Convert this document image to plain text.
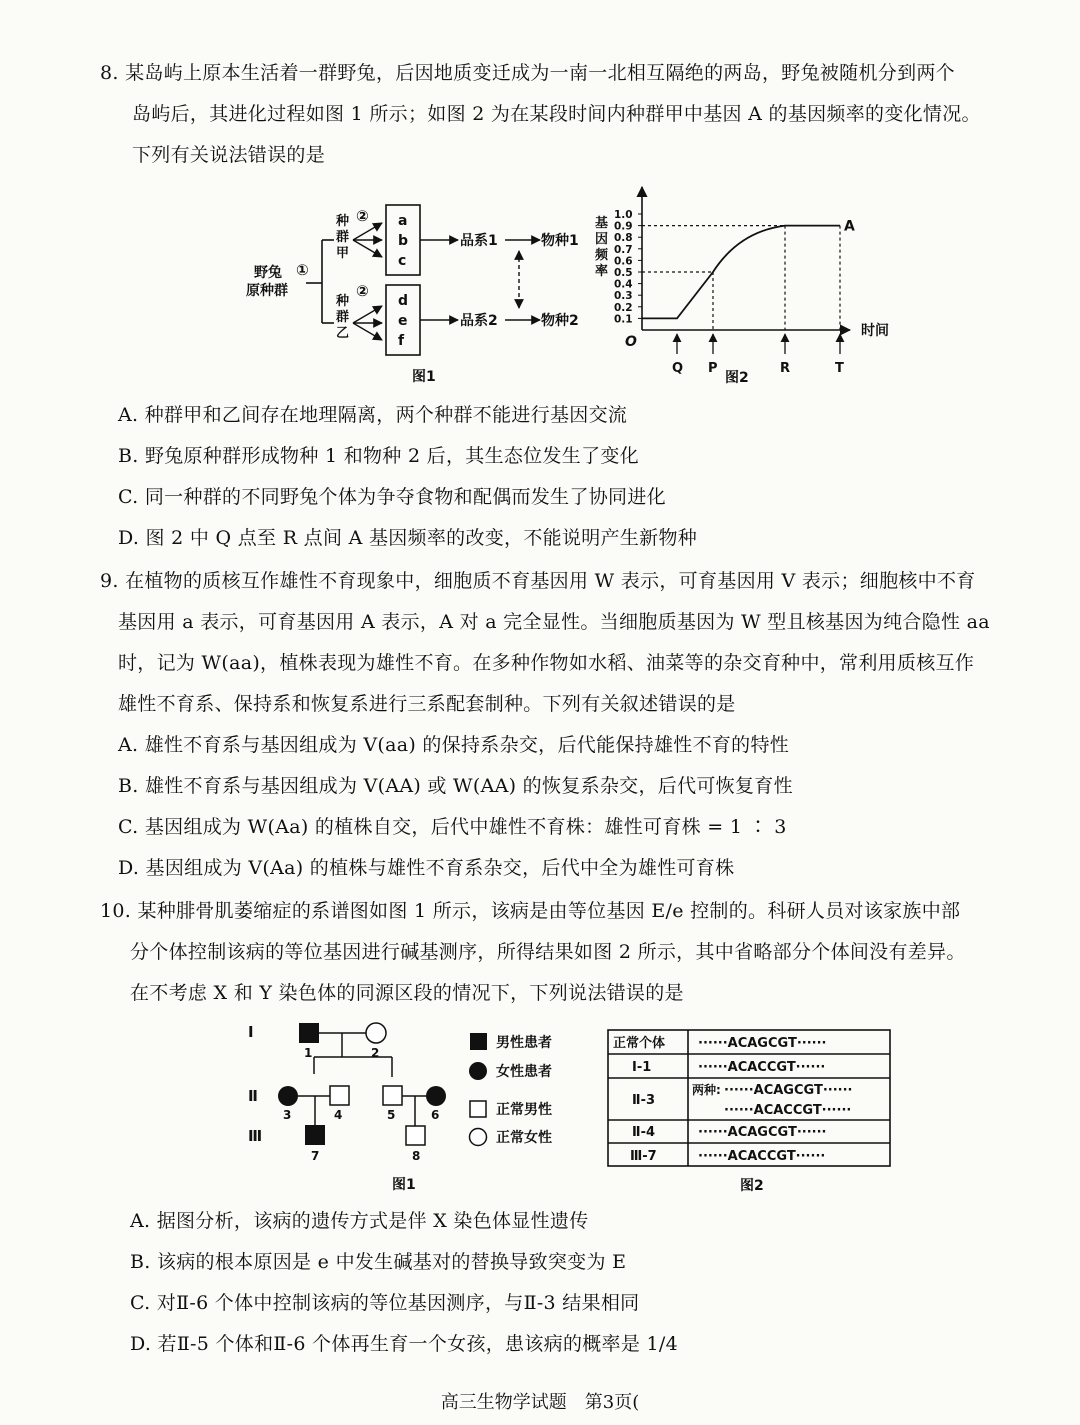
8. 某岛屿上原本生活着一群野兔，后因地质变迁成为一南一北相互隔绝的两岛，野兔被随机分到两个
岛屿后，其进化过程如图 1 所示；如图 2 为在某段时间内种群甲中基因 A 的基因频率的变化情况。
下列有关说法错误的是
野兔
原种群
①
种
群
甲
种
群
乙
②
②
a
b
c
d
e
f
品系1
品系2
物种1
物种2
图1
时间
O
基
因
频
率
1.0
0.9
0.8
0.7
0.6
0.5
0.4
0.3
0.2
0.1
Q P	R	T
A
图2
A. 种群甲和乙间存在地理隔离，两个种群不能进行基因交流
B. 野兔原种群形成物种 1 和物种 2 后，其生态位发生了变化
C. 同一种群的不同野兔个体为争夺食物和配偶而发生了协同进化
D. 图 2 中 Q 点至 R 点间 A 基因频率的改变，不能说明产生新物种
9. 在植物的质核互作雄性不育现象中，细胞质不育基因用 W 表示，可育基因用 V 表示；细胞核中不育
基因用 a 表示，可育基因用 A 表示，A 对 a 完全显性。当细胞质基因为 W 型且核基因为纯合隐性 aa
时，记为 W(aa)，植株表现为雄性不育。在多种作物如水稻、油菜等的杂交育种中，常利用质核互作
雄性不育系、保持系和恢复系进行三系配套制种。下列有关叙述错误的是
A. 雄性不育系与基因组成为 V(aa) 的保持系杂交，后代能保持雄性不育的特性
B. 雄性不育系与基因组成为 V(AA) 或 W(AA) 的恢复系杂交，后代可恢复育性
C. 基因组成为 W(Aa) 的植株自交，后代中雄性不育株：雄性可育株 = 1 ∶ 3
D. 基因组成为 V(Aa) 的植株与雄性不育系杂交，后代中全为雄性可育株
10. 某种腓骨肌萎缩症的系谱图如图 1 所示，该病是由等位基因 E/e 控制的。科研人员对该家族中部
分个体控制该病的等位基因进行碱基测序，所得结果如图 2 所示，其中省略部分个体间没有差异。
在不考虑 X 和 Y 染色体的同源区段的情况下，下列说法错误的是
Ⅰ
Ⅱ
Ⅲ
1	2
3	4	5	6
7	8
男性患者
女性患者
正常男性
正常女性
图1
正常个体	······ACAGCGT······
Ⅰ-1	······ACACCGT······
Ⅱ-3
两种: ······ACAGCGT······
······ACACCGT······
Ⅱ-4	······ACAGCGT······
Ⅲ-7	······ACACCGT······
图2
A. 据图分析，该病的遗传方式是伴 X 染色体显性遗传
B. 该病的根本原因是 e 中发生碱基对的替换导致突变为 E
C. 对Ⅱ-6 个体中控制该病的等位基因测序，与Ⅱ-3 结果相同
D. 若Ⅱ-5 个体和Ⅱ-6 个体再生育一个女孩，患该病的概率是 1/4
高三生物学试题　第3页(
